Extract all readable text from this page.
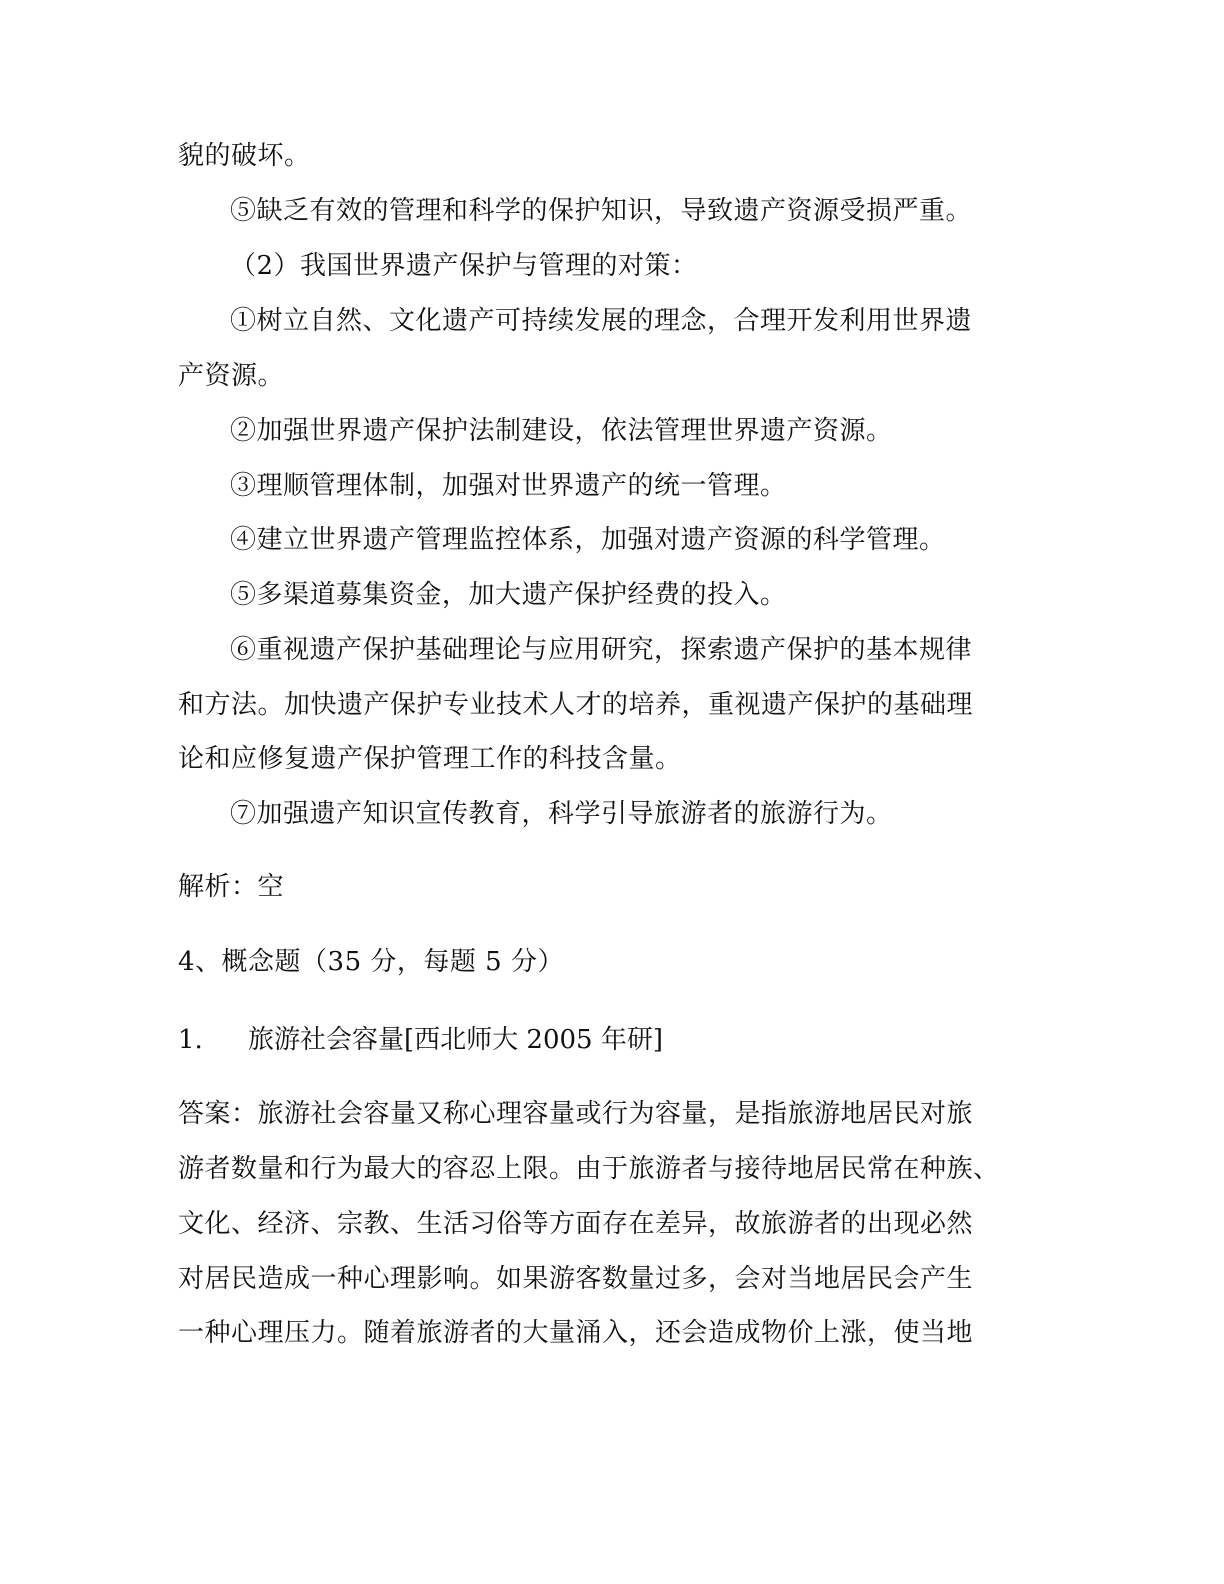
貌的破坏。
⑤缺乏有效的管理和科学的保护知识，导致遗产资源受损严重。
（2）我国世界遗产保护与管理的对策：
①树立自然、文化遗产可持续发展的理念，合理开发利用世界遗
产资源。
②加强世界遗产保护法制建设，依法管理世界遗产资源。
③理顺管理体制，加强对世界遗产的统一管理。
④建立世界遗产管理监控体系，加强对遗产资源的科学管理。
⑤多渠道募集资金，加大遗产保护经费的投入。
⑥重视遗产保护基础理论与应用研究，探索遗产保护的基本规律
和方法。加快遗产保护专业技术人才的培养，重视遗产保护的基础理
论和应修复遗产保护管理工作的科技含量。
⑦加强遗产知识宣传教育，科学引导旅游者的旅游行为。
解析：空
4、概念题（35 分，每题 5 分）
1. 旅游社会容量[西北师大 2005 年研]
答案：旅游社会容量又称心理容量或行为容量，是指旅游地居民对旅
游者数量和行为最大的容忍上限。由于旅游者与接待地居民常在种族、
文化、经济、宗教、生活习俗等方面存在差异，故旅游者的出现必然
对居民造成一种心理影响。如果游客数量过多，会对当地居民会产生
一种心理压力。随着旅游者的大量涌入，还会造成物价上涨，使当地
